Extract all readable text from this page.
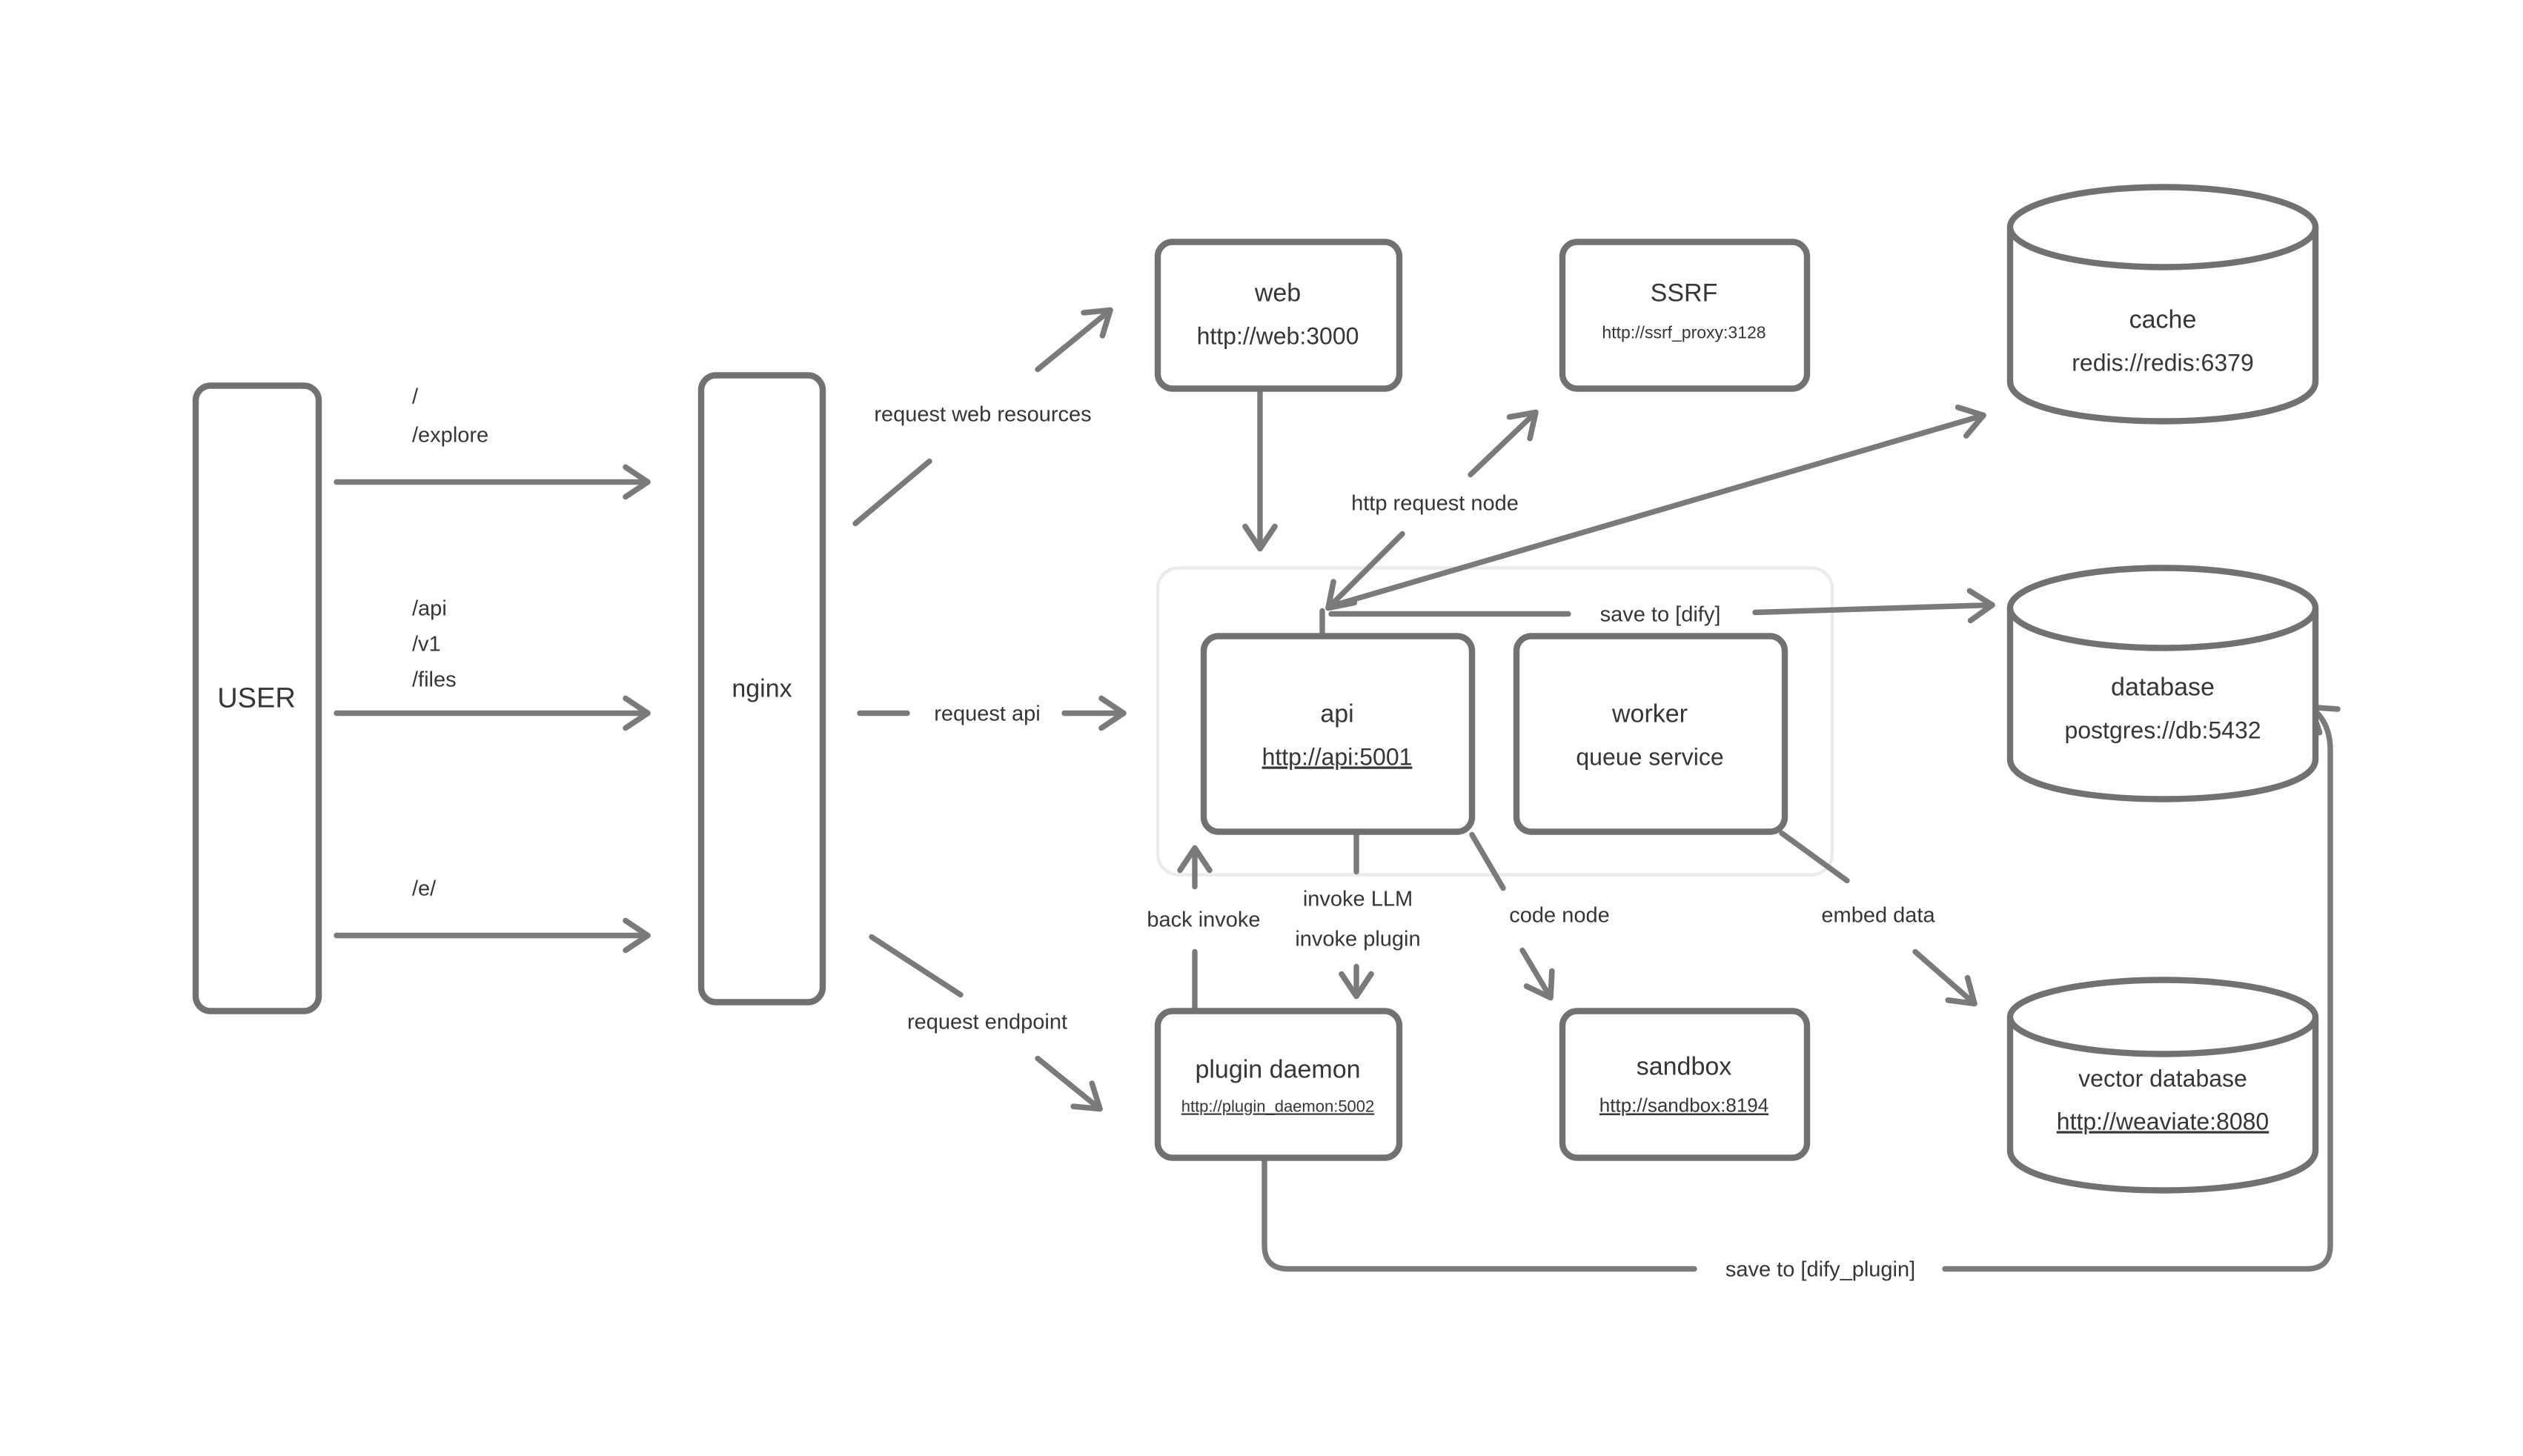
USER	nginx
web
http://web:3000
SSRF
http://ssrf_proxy:3128	cache
redis://redis:6379
api
http://api:5001
worker
queue service
database
postgres://db:5432
plugin daemon
http://plugin_daemon:5002
sandbox
http://sandbox:8194
vector database
http://weaviate:8080
/
/explore
/api
/v1
/files
/e/
request web resources
request api
request endpoint
http request node
save to [dify]
back invoke
invoke LLM
invoke plugin
code node	embed data
save to [dify_plugin]
